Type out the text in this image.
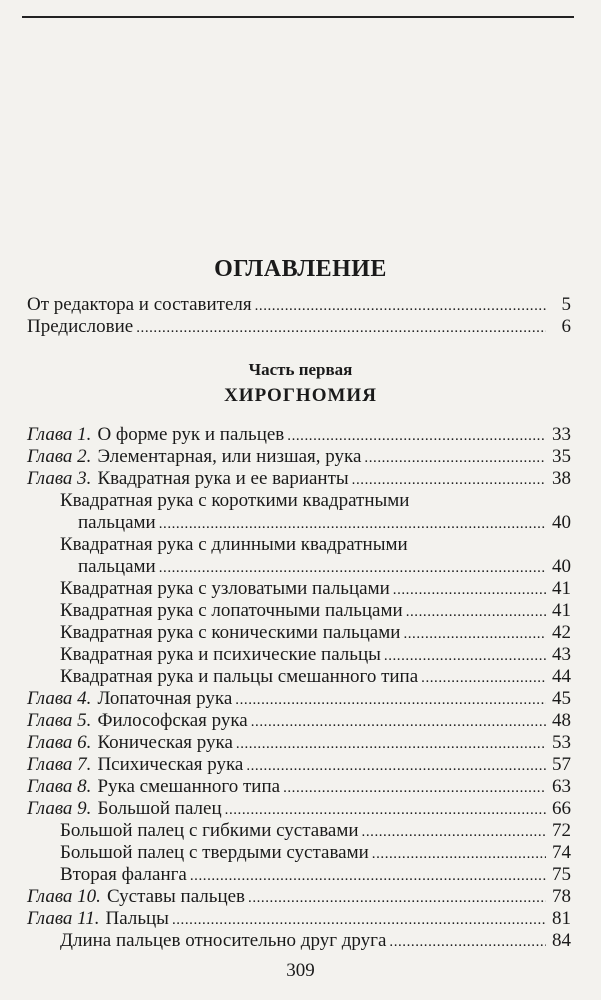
ОГЛАВЛЕНИЕ
От редактора и составителя . . .	5
Предисловие . . .	6
Часть первая
ХИРОГНОМИЯ
Глава 1. О форме рук и пальцев . . .	33
Глава 2. Элементарная, или низшая, рука . . .	35
Глава 3. Квадратная рука и ее варианты . . .	38
Квадратная рука с короткими квадратными
пальцами . . .	40
Квадратная рука с длинными квадратными
пальцами . . .	40
Квадратная рука с узловатыми пальцами . . .	41
Квадратная рука с лопаточными пальцами . . .	41
Квадратная рука с коническими пальцами . . .	42
Квадратная рука и психические пальцы . . .	43
Квадратная рука и пальцы смешанного типа . . .	44
Глава 4. Лопаточная рука . . .	45
Глава 5. Философская рука . . .	48
Глава 6. Коническая рука . . .	53
Глава 7. Психическая рука . . .	57
Глава 8. Рука смешанного типа . . .	63
Глава 9. Большой палец . . .	66
Большой палец с гибкими суставами . . .	72
Большой палец с твердыми суставами . . .	74
Вторая фаланга . . .	75
Глава 10. Суставы пальцев . . .	78
Глава 11. Пальцы . . .	81
Длина пальцев относительно друг друга . . .	84
309
